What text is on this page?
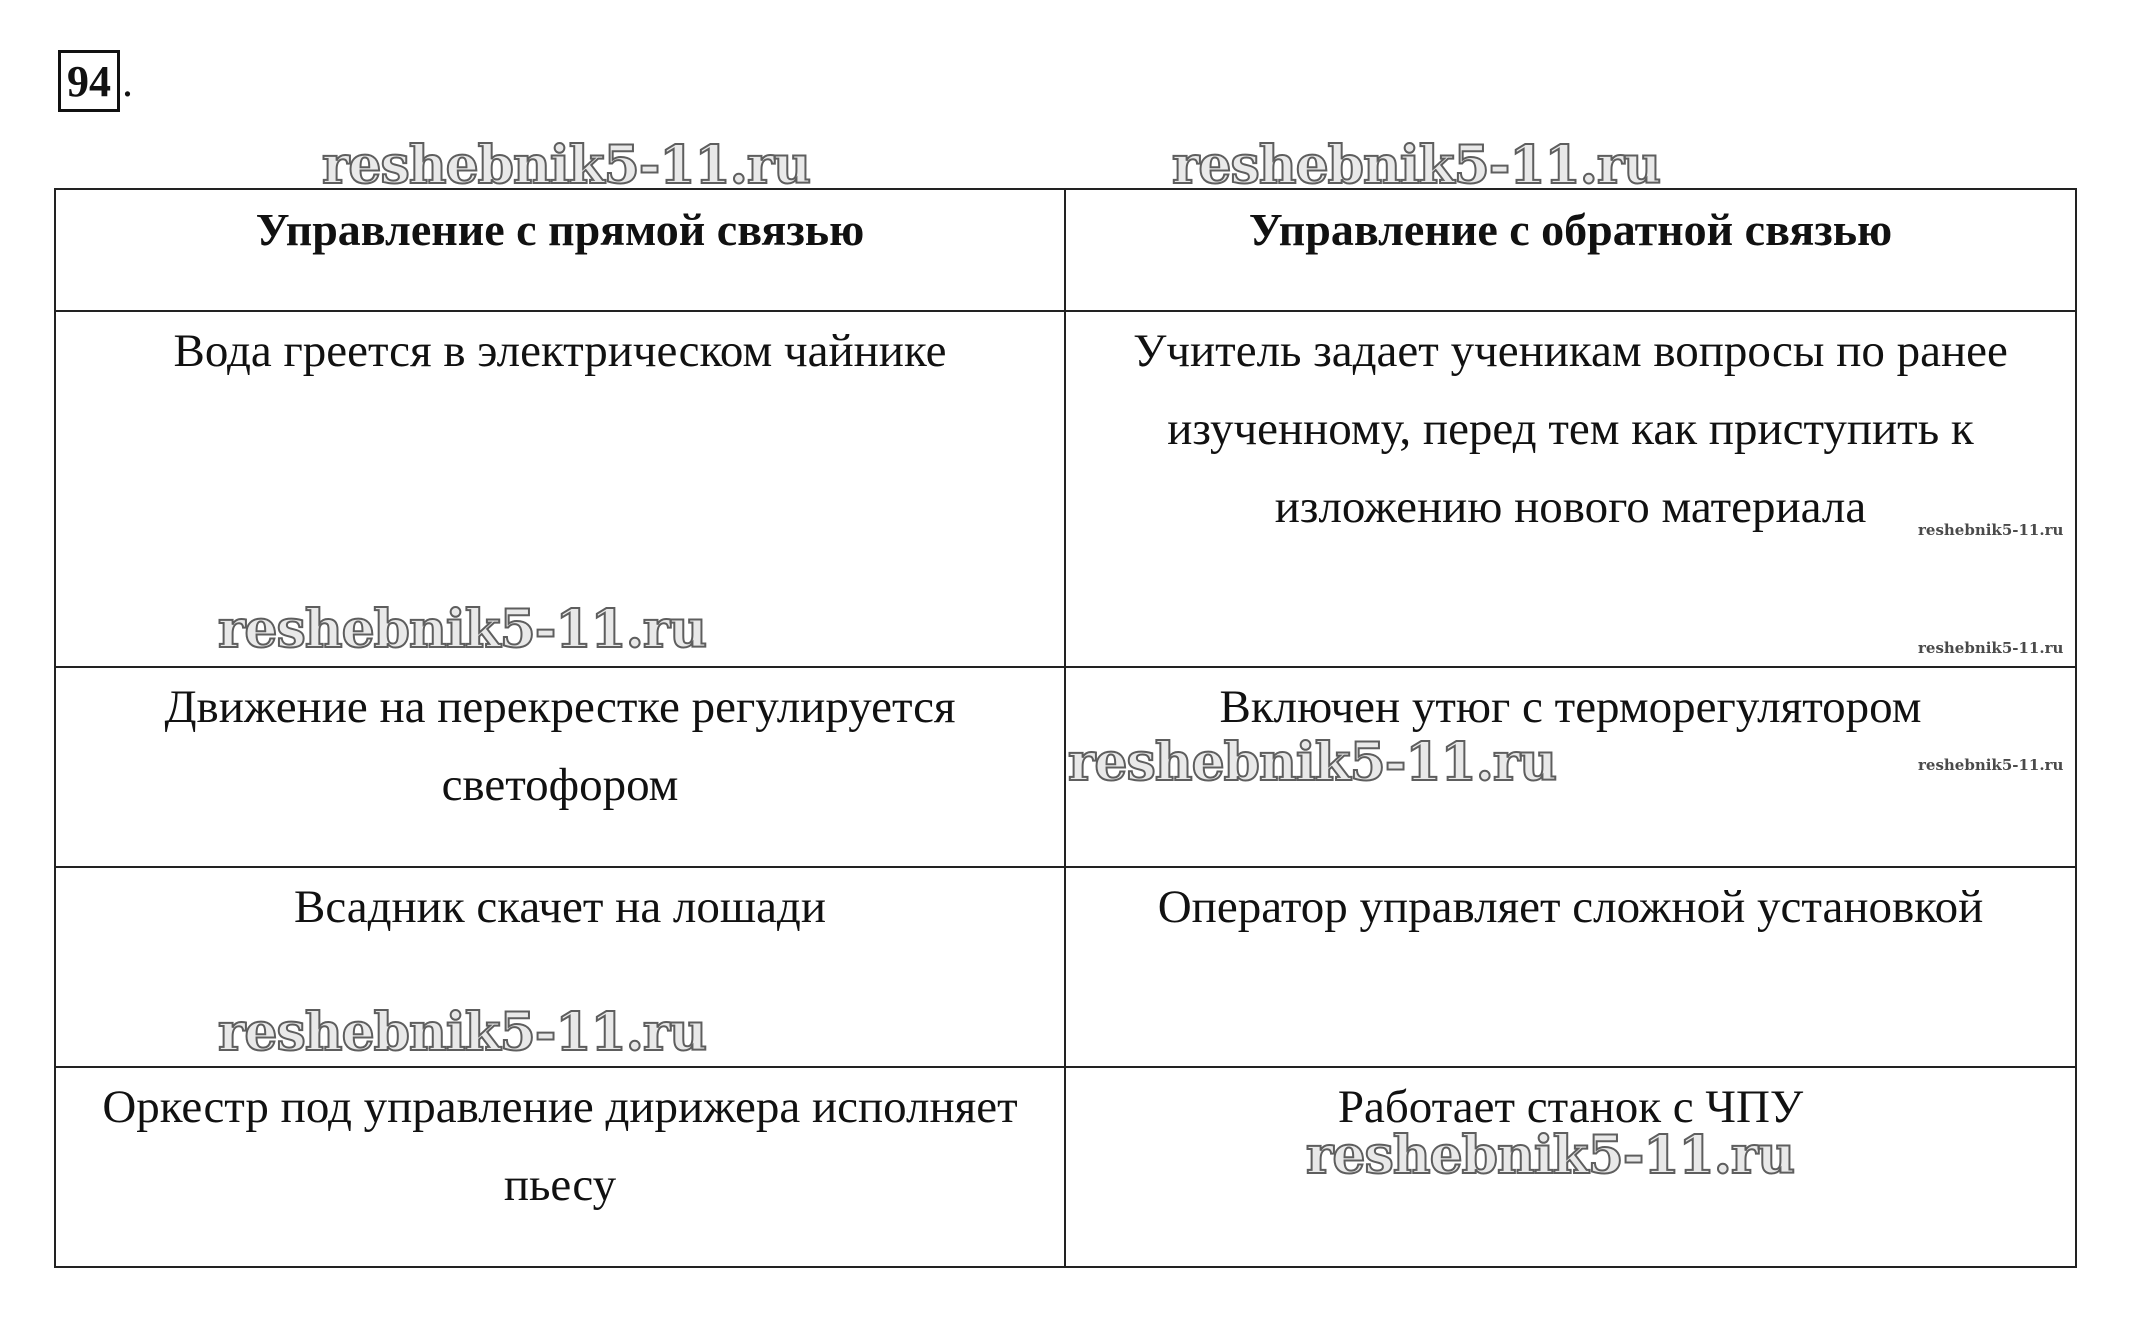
94 .
Управление с прямой связью	Управление с обратной связью

Вода греется в электрическом чайнике	Учитель задает ученикам вопросы по ранее изученному, перед тем как приступить к изложению нового материала

Движение на перекрестке регулируется светофором	Включен утюг с терморегулятором

Всадник скачет на лошади	Оператор управляет сложной установкой

Оркестр под управление дирижера исполняет пьесу	Работает станок с ЧПУ
reshebnik5-11.ru	reshebnik5-11.ru
reshebnik5-11.ru
reshebnik5-11.ru
reshebnik5-11.ru
reshebnik5-11.ru
reshebnik5-11.ru
reshebnik5-11.ru
reshebnik5-11.ru
